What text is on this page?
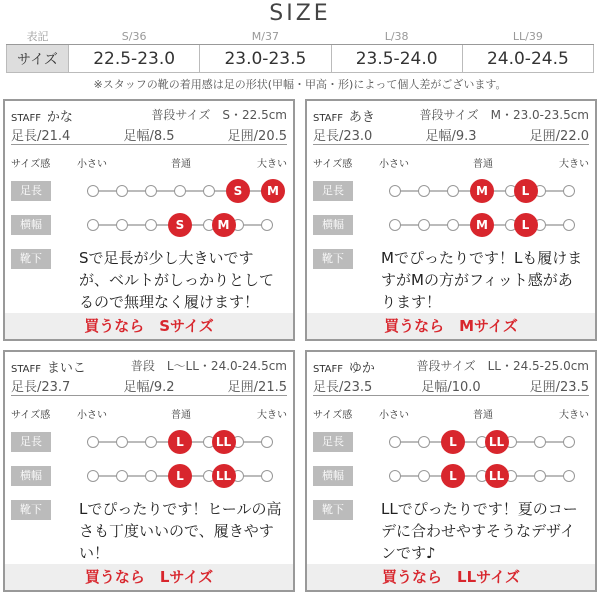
SIZE
表記	S/36	M/37	L/38	LL/39
サイズ	22.5-23.0	23.0-23.5	23.5-24.0	24.0-24.5
※スタッフの靴の着用感は足の形状(甲幅・甲高・形)によって個人差がございます。
STAFF かな	普段サイズ　S・22.5cm
足長/21.4	足幅/8.5	足囲/20.5
サイズ感	小さい	普通	大きい
足長
横幅
靴下
S	M
S	M
Sで足長が少し大きいですが、ベルトがしっかりとしてるので無理なく履けます！
買うなら　Sサイズ
STAFF あき	普段サイズ　M・23.0-23.5cm
足長/23.0	足幅/9.3	足囲/22.0
サイズ感	小さい	普通	大きい
足長
横幅
靴下
M	L
M	L
Mでぴったりです！Lも履けますがMの方がフィット感があります！
買うなら　Mサイズ
STAFF まいこ	普段　L～LL・24.0-24.5cm
足長/23.7	足幅/9.2	足囲/21.5
サイズ感	小さい	普通	大きい
足長
横幅
靴下
L	LL
L	LL
Lでぴったりです！ヒールの高さも丁度いいので、履きやすい！
買うなら　Lサイズ
STAFF ゆか	普段サイズ　LL・24.5-25.0cm
足長/23.5	足幅/10.0	足囲/23.5
サイズ感	小さい	普通	大きい
足長
横幅
靴下
L	LL
L	LL
LLでぴったりです！夏のコーデに合わせやすそうなデザインです♪
買うなら　LLサイズ
